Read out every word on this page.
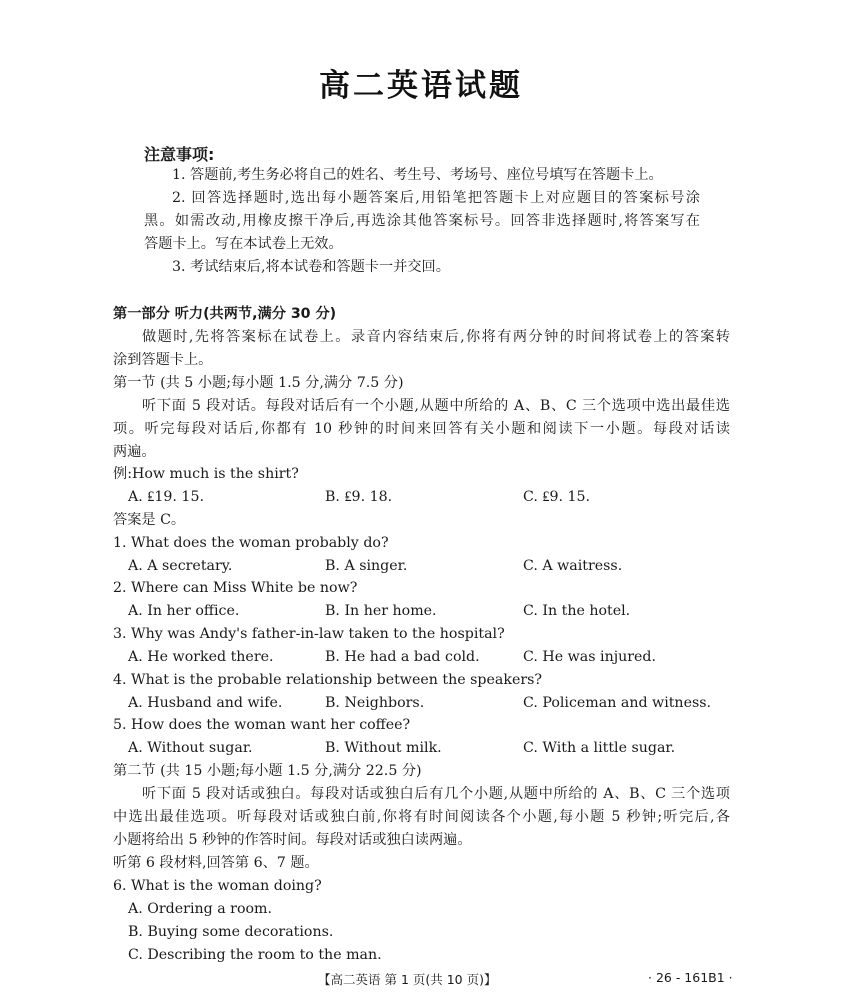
高二英语试题
注意事项:
1. 答题前,考生务必将自己的姓名、考生号、考场号、座位号填写在答题卡上。
2. 回答选择题时,选出每小题答案后,用铅笔把答题卡上对应题目的答案标号涂
黑。如需改动,用橡皮擦干净后,再选涂其他答案标号。回答非选择题时,将答案写在
答题卡上。写在本试卷上无效。
3. 考试结束后,将本试卷和答题卡一并交回。
第一部分 听力(共两节,满分 30 分)
做题时,先将答案标在试卷上。录音内容结束后,你将有两分钟的时间将试卷上的答案转
涂到答题卡上。
第一节 (共 5 小题;每小题 1.5 分,满分 7.5 分)
听下面 5 段对话。每段对话后有一个小题,从题中所给的 A、B、C 三个选项中选出最佳选
项。听完每段对话后,你都有 10 秒钟的时间来回答有关小题和阅读下一小题。每段对话读
两遍。
例:How much is the shirt?
A. ₤19. 15.	B. ₤9. 18.	C. ₤9. 15.
答案是 C。
1. What does the woman probably do?
A. A secretary.	B. A singer.	C. A waitress.
2. Where can Miss White be now?
A. In her office.	B. In her home.	C. In the hotel.
3. Why was Andy's father-in-law taken to the hospital?
A. He worked there.	B. He had a bad cold.	C. He was injured.
4. What is the probable relationship between the speakers?
A. Husband and wife.	B. Neighbors.	C. Policeman and witness.
5. How does the woman want her coffee?
A. Without sugar.	B. Without milk.	C. With a little sugar.
第二节 (共 15 小题;每小题 1.5 分,满分 22.5 分)
听下面 5 段对话或独白。每段对话或独白后有几个小题,从题中所给的 A、B、C 三个选项
中选出最佳选项。听每段对话或独白前,你将有时间阅读各个小题,每小题 5 秒钟;听完后,各
小题将给出 5 秒钟的作答时间。每段对话或独白读两遍。
听第 6 段材料,回答第 6、7 题。
6. What is the woman doing?
A. Ordering a room.
B. Buying some decorations.
C. Describing the room to the man.
【高二英语 第 1 页(共 10 页)】	· 26 - 161B1 ·
